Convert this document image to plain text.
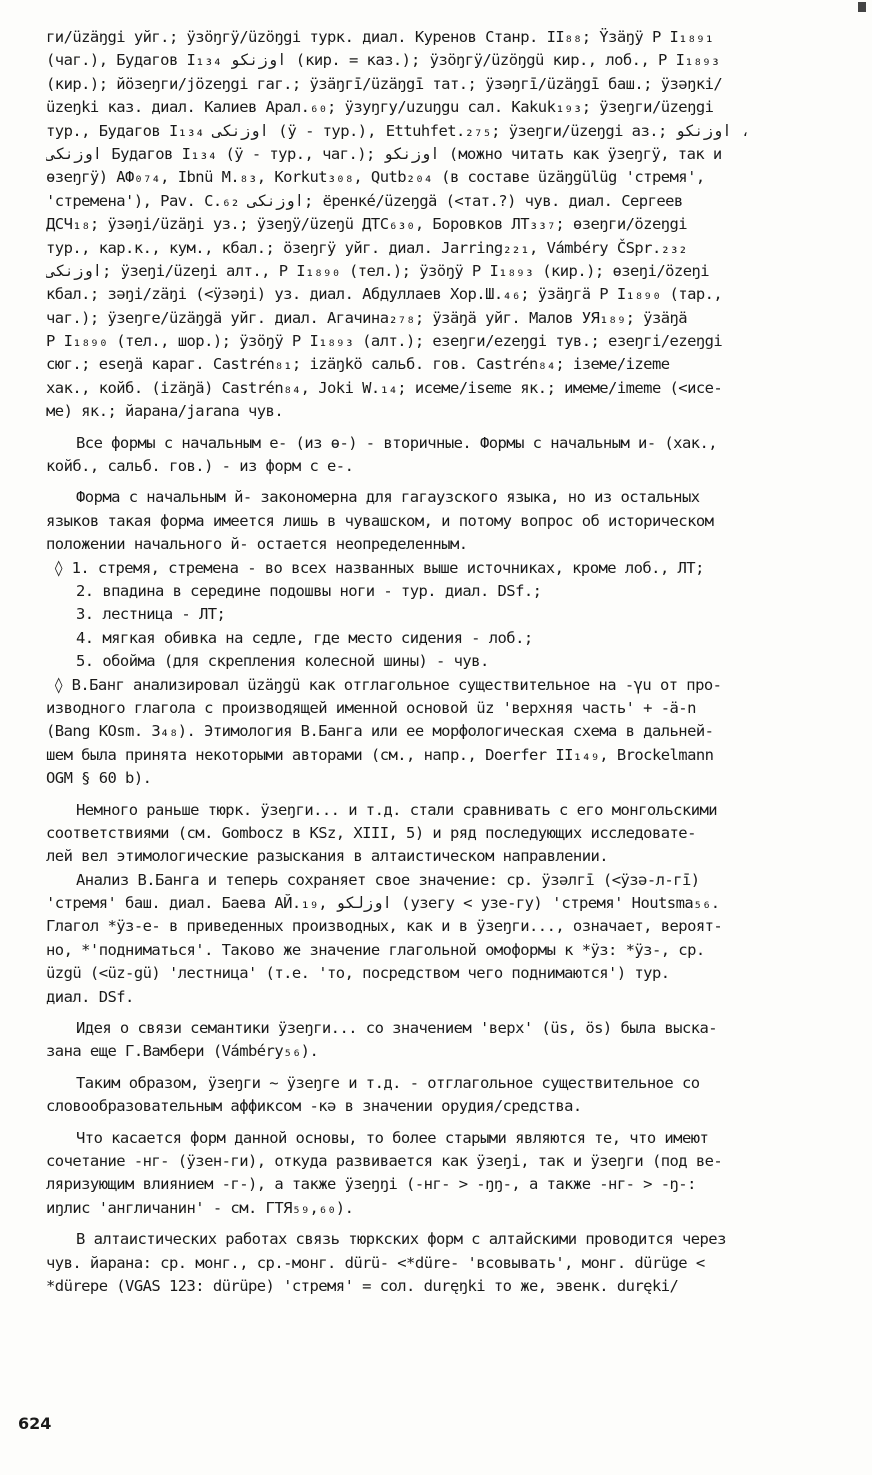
ги/üzäŋgi уйг.; ÿзӧŋгÿ/üzöŋgi турк. диал. Куренов Станр. II₈₈; Ÿзäŋÿ Р I₁₈₉₁
(чаг.), Будагов I₁₃₄ اوزنكو (кир. = каз.); ÿзӧŋгÿ/üzöŋgü кир., лоб., Р I₁₈₉₃
(кир.); йӧзеŋги/jözeŋgi гаг.; ÿзäŋгī/üzäŋgī тат.; ÿзəŋгī/üzäŋgī баш.; ÿзəŋкі/
üzeŋki каз. диал. Калиев Арал.₆₀; ÿзуŋгу/uzuŋgu сал. Kakuk₁₉₃; ÿзеŋги/üzeŋgi
тур., Будагов I₁₃₄ اوزنكى (ÿ - тур.), Ettuhfet.₂₇₅; ÿзеŋги/üzeŋgi аз.; اوزنكو ،
اوزنكى Будагов I₁₃₄ (ÿ - тур., чаг.); اوزنكو (можно читать как ÿзеŋгÿ, так и
өзеŋгÿ) АФ₀₇₄, Ibnü M.₈₃, Korkut₃₀₈, Qutb₂₀₄ (в составе üzäŋgülüg 'стремя',
'стремена'), Pav. C.₆₂ اوزنكى; ёренкé/üzeŋgä (<тат.?) чув. диал. Сергеев
ДСЧ₁₈; ÿзəŋі/üzäŋi уз.; ÿзеŋÿ/üzeŋü ДТС₆₃₀, Боровков ЛТ₃₃₇; өзеŋги/özeŋgi
тур., кар.к., кум., кбал.; ӧзеŋгӱ уйг. диал. Jarring₂₂₁, Vámbéry ČSpr.₂₃₂
اوزنكى; ÿзеŋі/üzeŋi алт., Р I₁₈₉₀ (тел.); ÿзӧŋÿ Р I₁₈₉₃ (кир.); өзеŋі/özeŋi
кбал.; зəŋі/zäŋi (<ÿзəŋі) уз. диал. Абдуллаев Хор.Ш.₄₆; ÿзäŋгä Р I₁₈₉₀ (тар.,
чаг.); ÿзеŋге/üzäŋgä уйг. диал. Агачина₂₇₈; ÿзäŋä уйг. Малов УЯ₁₈₉; ÿзäŋä
Р I₁₈₉₀ (тел., шор.); ÿзӧŋÿ Р I₁₈₉₃ (алт.); езеŋги/ezeŋgi тув.; езеŋгі/ezeŋgi
сюг.; eseŋä караг. Castrén₈₁; izäŋkö сальб. гов. Castrén₈₄; іземе/izeme
хак., койб. (izäŋä) Castrén₈₄, Joki W.₁₄; исеме/iseme як.; имеме/imeme (<исе-
ме) як.; йарана/jarana чув.
Все формы с начальным е- (из ө-) - вторичные. Формы с начальным и- (хак.,
койб., сальб. гов.) - из форм с е-.
Форма с начальным й- закономерна для гагаузского языка, но из остальных
языков такая форма имеется лишь в чувашском, и потому вопрос об историческом
положении начального й- остается неопределенным.
◊ 1. стремя, стремена - во всех названных выше источниках, кроме лоб., ЛТ;
2. впадина в середине подошвы ноги - тур. диал. DSf.;
3. лестница - ЛТ;
4. мягкая обивка на седле, где место сидения - лоб.;
5. обойма (для скрепления колесной шины) - чув.
◊ В.Банг анализировал üzäŋgü как отглагольное существительное на -γu от про-
изводного глагола с производящей именной основой üz 'верхняя часть' + -ä-n
(Bang KOsm. 3₄₈). Этимология В.Банга или ее морфологическая схема в дальней-
шем была принята некоторыми авторами (см., напр., Doerfer II₁₄₉, Brockelmann
OGM § 60 b).
Немного раньше тюрк. ÿзеŋги... и т.д. стали сравнивать с его монгольскими
соответствиями (см. Gombocz в KSz, XIII, 5) и ряд последующих исследовате-
лей вел этимологические разыскания в алтаистическом направлении.
Анализ В.Банга и теперь сохраняет свое значение: ср. ÿзəлгī (<ÿзə-л-гī)
'стремя' баш. диал. Баева АЙ.₁₉, اوزلكو (узегу < узе-гу) 'стремя' Houtsma₅₆.
Глагол *ÿз-е- в приведенных производных, как и в ÿзеŋги..., означает, вероят-
но, *'подниматься'. Таково же значение глагольной омоформы к *ÿз: *ÿз-, ср.
üzgü (<üz-gü) 'лестница' (т.е. 'то, посредством чего поднимаются') тур.
диал. DSf.
Идея о связи семантики ÿзеŋги... со значением 'верх' (üs, ös) была выска-
зана еще Г.Вамбери (Vámbéry₅₆).
Таким образом, ÿзеŋги ~ ÿзеŋге и т.д. - отглагольное существительное со
словообразовательным аффиксом -кә в значении орудия/средства.
Что касается форм данной основы, то более старыми являются те, что имеют
сочетание -нг- (ÿзен-ги), откуда развивается как ÿзеŋі, так и ÿзеŋги (под ве-
ляризующим влиянием -г-), а также ÿзеŋŋі (-нг- > -ŋŋ-, а также -нг- > -ŋ-:
иŋлис 'англичанин' - см. ГТЯ₅₉,₆₀).
В алтаистических работах связь тюркских форм с алтайскими проводится через
чув. йарана: ср. монг., ср.-монг. dürü- <*düre- 'всовывать', монг. dürüge <
*dürepe (VGAS 123: dürüpe) 'стремя' = сол. duręŋki то же, эвенк. duręki/
624
